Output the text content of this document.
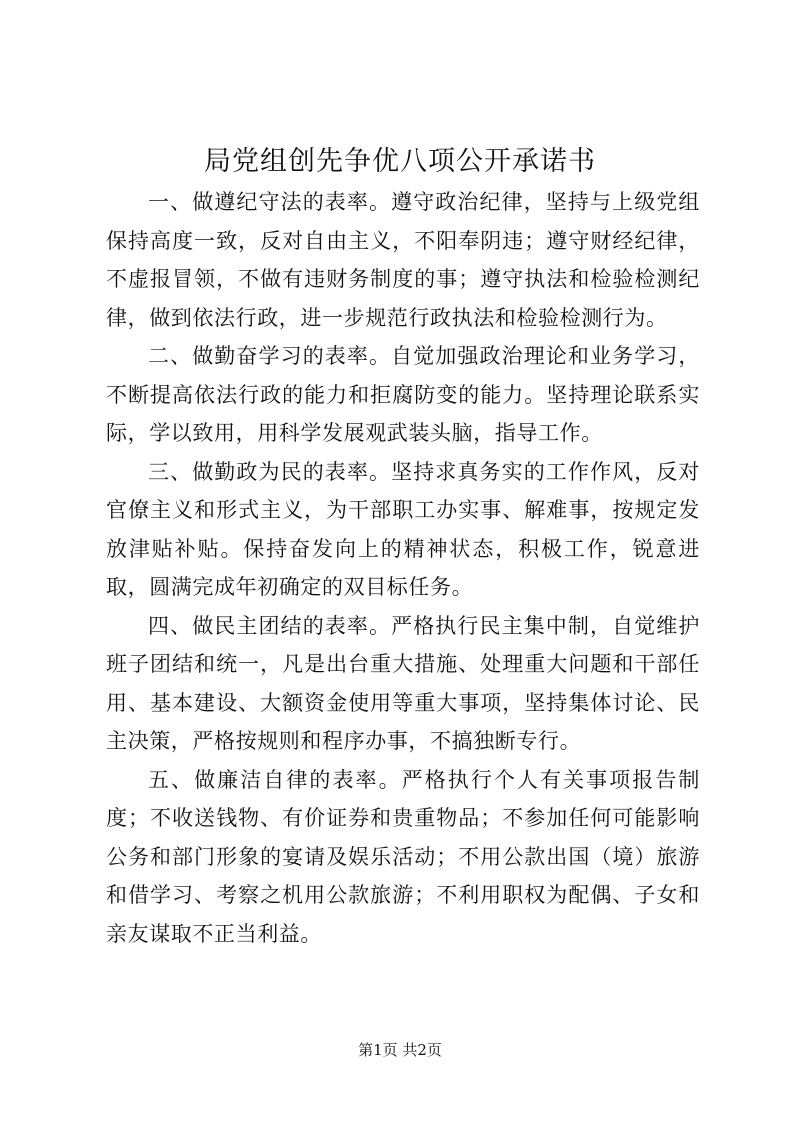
局党组创先争优八项公开承诺书

一、做遵纪守法的表率。遵守政治纪律，坚持与上级党组保持高度一致，反对自由主义，不阳奉阴违；遵守财经纪律，不虚报冒领，不做有违财务制度的事；遵守执法和检验检测纪律，做到依法行政，进一步规范行政执法和检验检测行为。

二、做勤奋学习的表率。自觉加强政治理论和业务学习，不断提高依法行政的能力和拒腐防变的能力。坚持理论联系实际，学以致用，用科学发展观武装头脑，指导工作。

三、做勤政为民的表率。坚持求真务实的工作作风，反对官僚主义和形式主义，为干部职工办实事、解难事，按规定发放津贴补贴。保持奋发向上的精神状态，积极工作，锐意进取，圆满完成年初确定的双目标任务。

四、做民主团结的表率。严格执行民主集中制，自觉维护班子团结和统一，凡是出台重大措施、处理重大问题和干部任用、基本建设、大额资金使用等重大事项，坚持集体讨论、民主决策，严格按规则和程序办事，不搞独断专行。

五、做廉洁自律的表率。严格执行个人有关事项报告制度；不收送钱物、有价证券和贵重物品；不参加任何可能影响公务和部门形象的宴请及娱乐活动；不用公款出国（境）旅游和借学习、考察之机用公款旅游；不利用职权为配偶、子女和亲友谋取不正当利益。

第1页 共2页
